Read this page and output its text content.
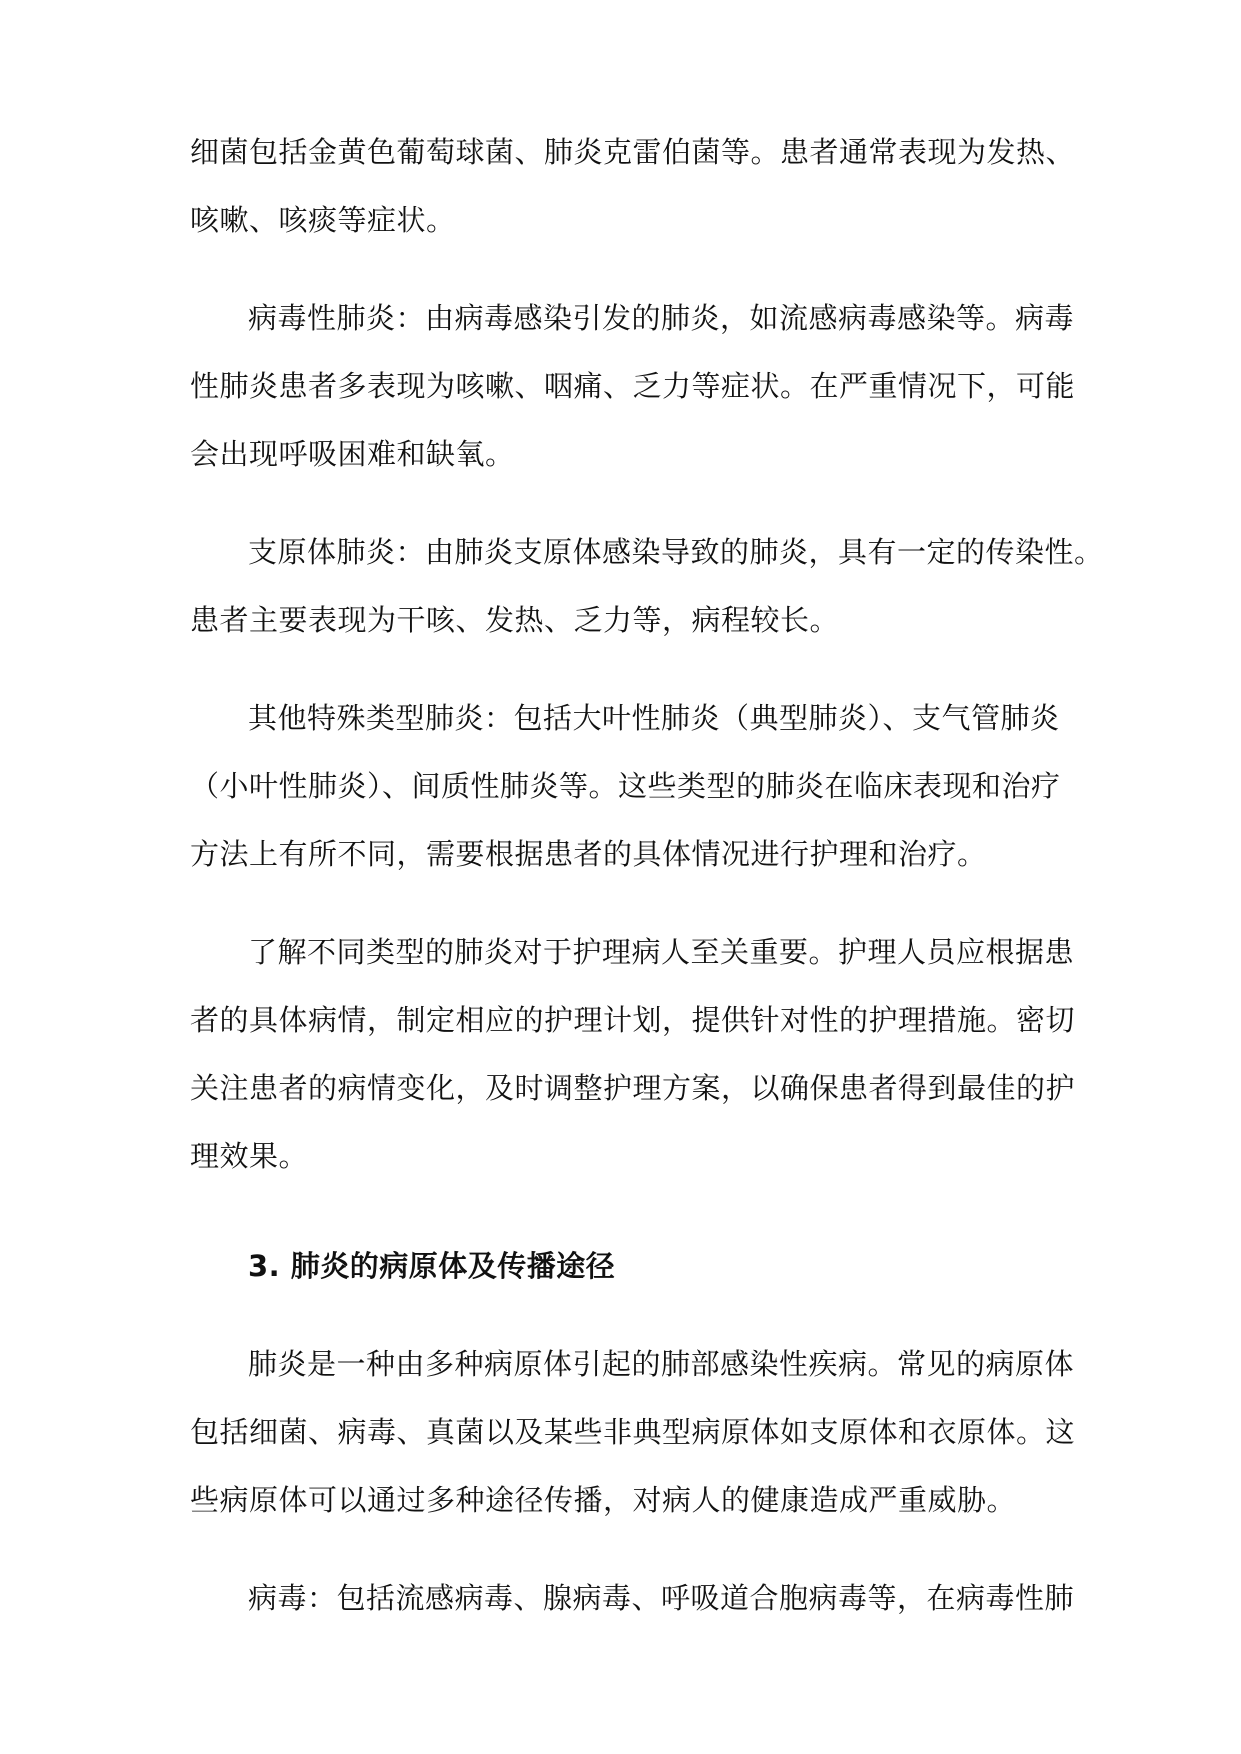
细菌包括金黄色葡萄球菌、肺炎克雷伯菌等。患者通常表现为发热、
咳嗽、咳痰等症状。
病毒性肺炎：由病毒感染引发的肺炎，如流感病毒感染等。病毒
性肺炎患者多表现为咳嗽、咽痛、乏力等症状。在严重情况下，可能
会出现呼吸困难和缺氧。
支原体肺炎：由肺炎支原体感染导致的肺炎，具有一定的传染性。
患者主要表现为干咳、发热、乏力等，病程较长。
其他特殊类型肺炎：包括大叶性肺炎（典型肺炎）、支气管肺炎
（小叶性肺炎）、间质性肺炎等。这些类型的肺炎在临床表现和治疗
方法上有所不同，需要根据患者的具体情况进行护理和治疗。
了解不同类型的肺炎对于护理病人至关重要。护理人员应根据患
者的具体病情，制定相应的护理计划，提供针对性的护理措施。密切
关注患者的病情变化，及时调整护理方案，以确保患者得到最佳的护
理效果。
3. 肺炎的病原体及传播途径
肺炎是一种由多种病原体引起的肺部感染性疾病。常见的病原体
包括细菌、病毒、真菌以及某些非典型病原体如支原体和衣原体。这
些病原体可以通过多种途径传播，对病人的健康造成严重威胁。
病毒：包括流感病毒、腺病毒、呼吸道合胞病毒等，在病毒性肺
